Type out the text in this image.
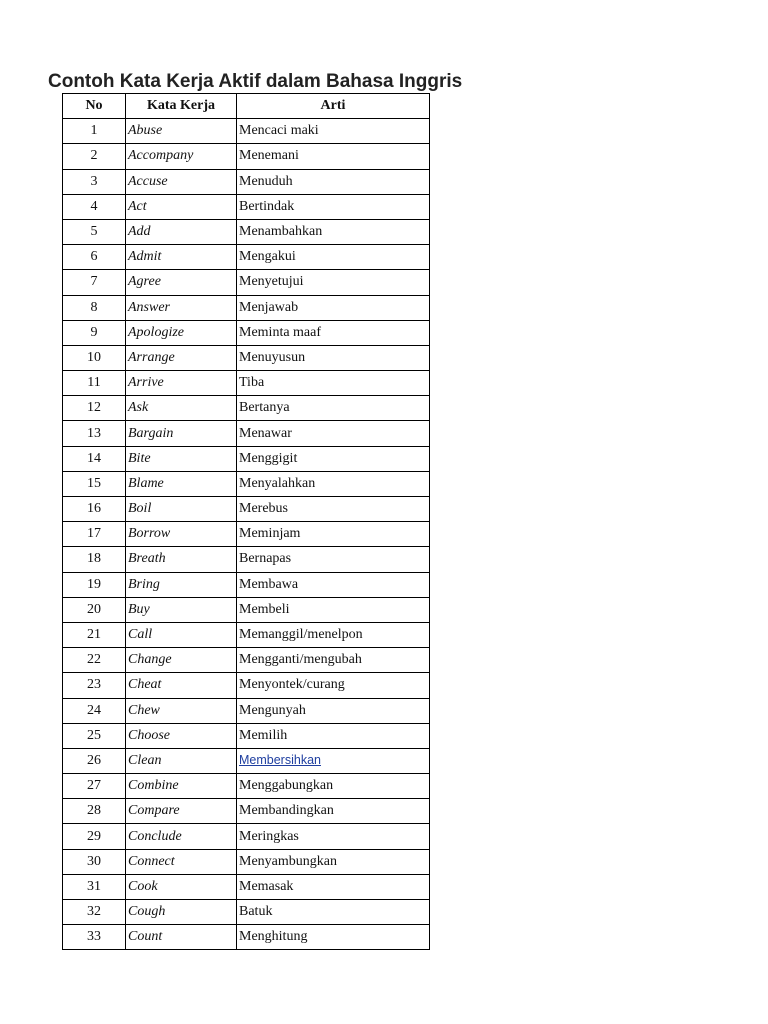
Contoh Kata Kerja Aktif dalam Bahasa Inggris
No	Kata Kerja	Arti
1	Abuse	Mencaci maki
2	Accompany	Menemani
3	Accuse	Menuduh
4	Act	Bertindak
5	Add	Menambahkan
6	Admit	Mengakui
7	Agree	Menyetujui
8	Answer	Menjawab
9	Apologize	Meminta maaf
10	Arrange	Menuyusun
11	Arrive	Tiba
12	Ask	Bertanya
13	Bargain	Menawar
14	Bite	Menggigit
15	Blame	Menyalahkan
16	Boil	Merebus
17	Borrow	Meminjam
18	Breath	Bernapas
19	Bring	Membawa
20	Buy	Membeli
21	Call	Memanggil/menelpon
22	Change	Mengganti/mengubah
23	Cheat	Menyontek/curang
24	Chew	Mengunyah
25	Choose	Memilih
26	Clean	Membersihkan
27	Combine	Menggabungkan
28	Compare	Membandingkan
29	Conclude	Meringkas
30	Connect	Menyambungkan
31	Cook	Memasak
32	Cough	Batuk
33	Count	Menghitung
